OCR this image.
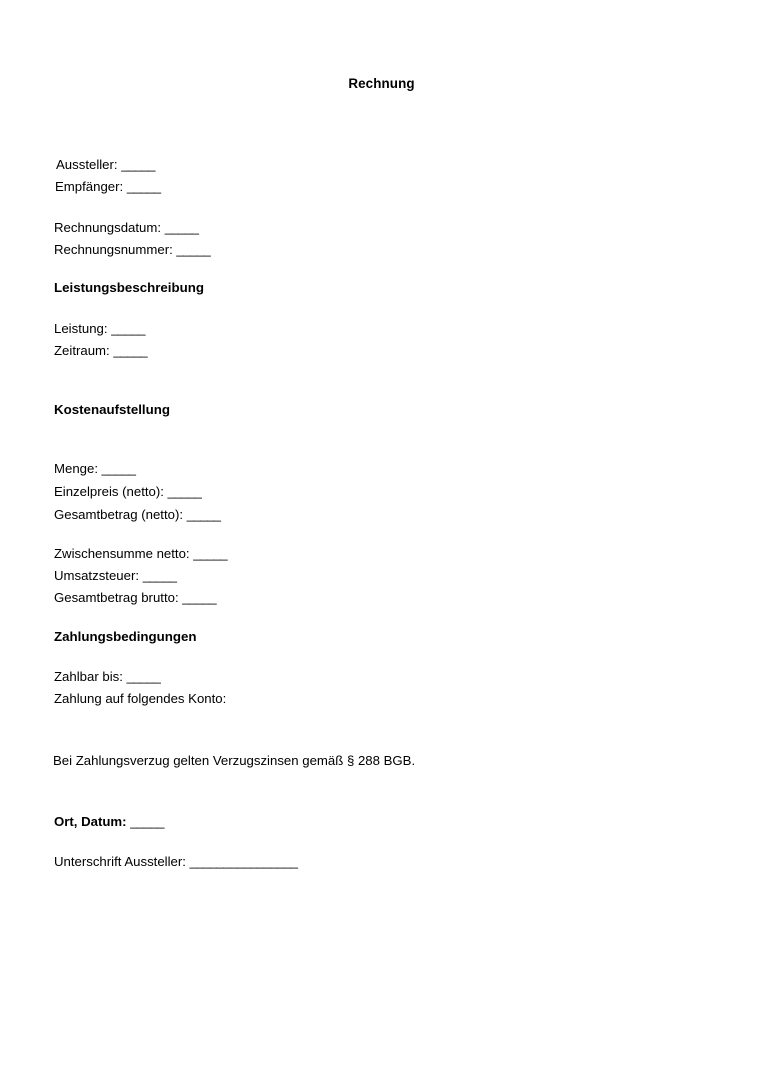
Rechnung
Aussteller: _____
Empfänger: _____
Rechnungsdatum: _____
Rechnungsnummer: _____
Leistungsbeschreibung
Leistung: _____
Zeitraum: _____
Kostenaufstellung
Menge: _____
Einzelpreis (netto): _____
Gesamtbetrag (netto): _____
Zwischensumme netto: _____
Umsatzsteuer: _____
Gesamtbetrag brutto: _____
Zahlungsbedingungen
Zahlbar bis: _____
Zahlung auf folgendes Konto:
Bei Zahlungsverzug gelten Verzugszinsen gemäß § 288 BGB.
Ort, Datum: _____
Unterschrift Aussteller: ________________
